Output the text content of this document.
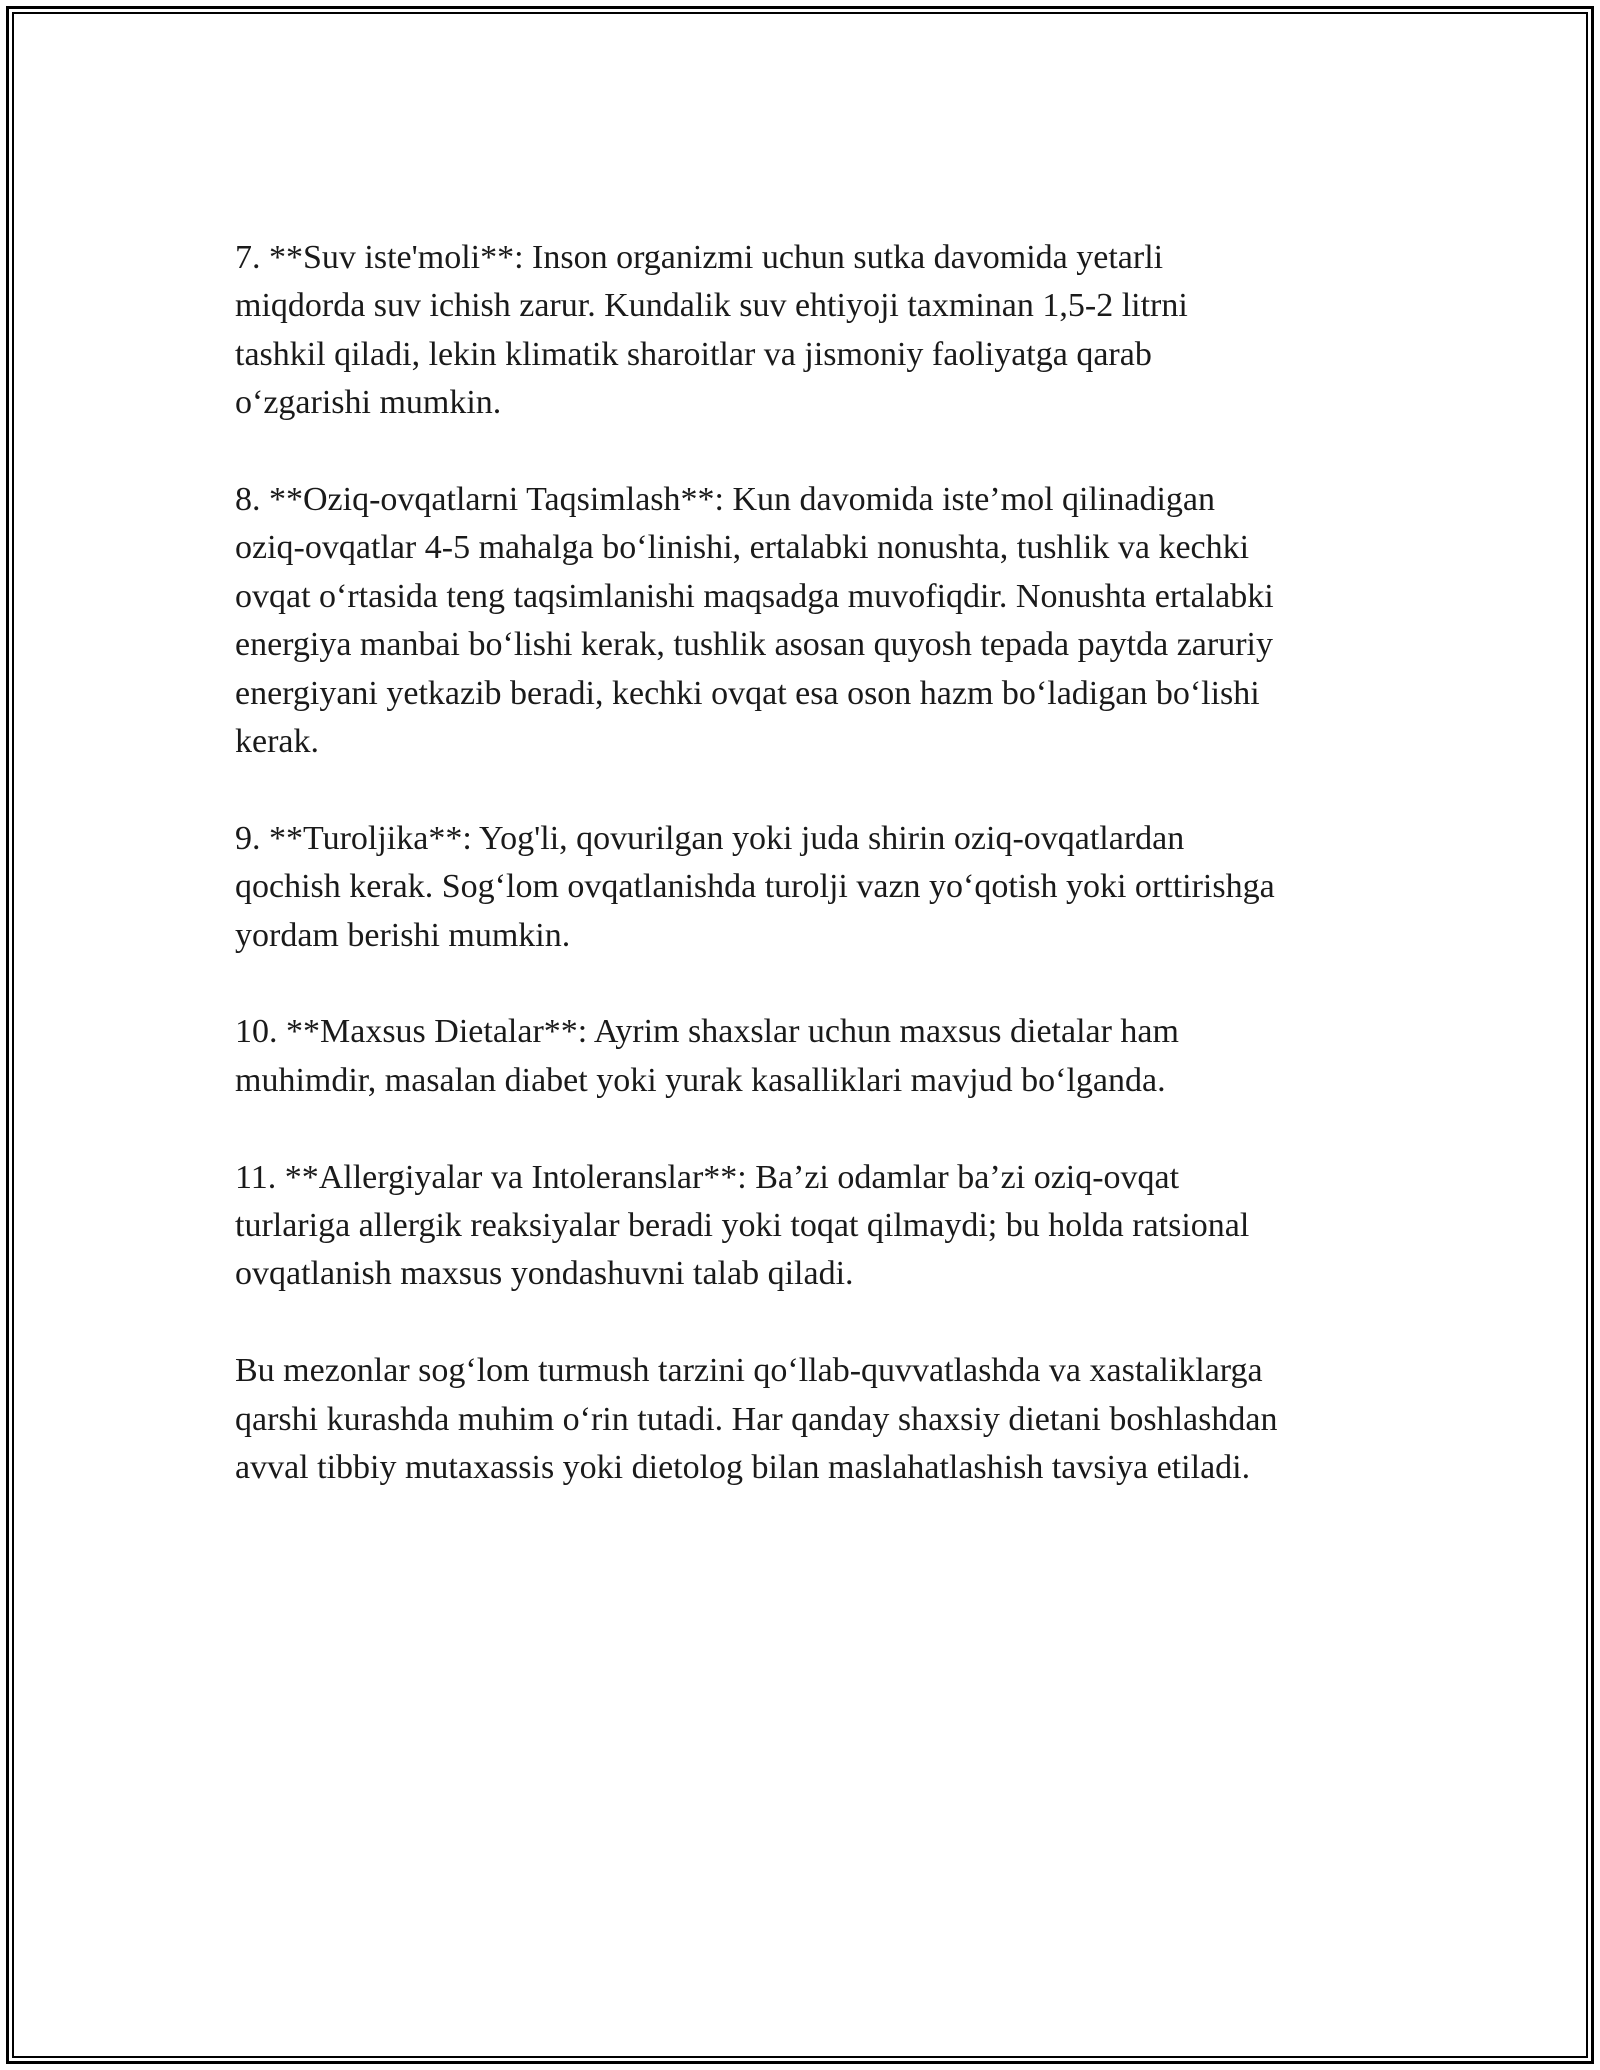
7. **Suv iste'moli**: Inson organizmi uchun sutka davomida yetarli
miqdorda suv ichish zarur. Kundalik suv ehtiyoji taxminan 1,5-2 litrni
tashkil qiladi, lekin klimatik sharoitlar va jismoniy faoliyatga qarab
o‘zgarishi mumkin.

8. **Oziq-ovqatlarni Taqsimlash**: Kun davomida iste’mol qilinadigan
oziq-ovqatlar 4-5 mahalga bo‘linishi, ertalabki nonushta, tushlik va kechki
ovqat o‘rtasida teng taqsimlanishi maqsadga muvofiqdir. Nonushta ertalabki
energiya manbai bo‘lishi kerak, tushlik asosan quyosh tepada paytda zaruriy
energiyani yetkazib beradi, kechki ovqat esa oson hazm bo‘ladigan bo‘lishi
kerak.

9. **Turoljika**: Yog'li, qovurilgan yoki juda shirin oziq-ovqatlardan
qochish kerak. Sog‘lom ovqatlanishda turolji vazn yo‘qotish yoki orttirishga
yordam berishi mumkin.

10. **Maxsus Dietalar**: Ayrim shaxslar uchun maxsus dietalar ham
muhimdir, masalan diabet yoki yurak kasalliklari mavjud bo‘lganda.

11. **Allergiyalar va Intoleranslar**: Ba’zi odamlar ba’zi oziq-ovqat
turlariga allergik reaksiyalar beradi yoki toqat qilmaydi; bu holda ratsional
ovqatlanish maxsus yondashuvni talab qiladi.

Bu mezonlar sog‘lom turmush tarzini qo‘llab-quvvatlashda va xastaliklarga
qarshi kurashda muhim o‘rin tutadi. Har qanday shaxsiy dietani boshlashdan
avval tibbiy mutaxassis yoki dietolog bilan maslahatlashish tavsiya etiladi.
